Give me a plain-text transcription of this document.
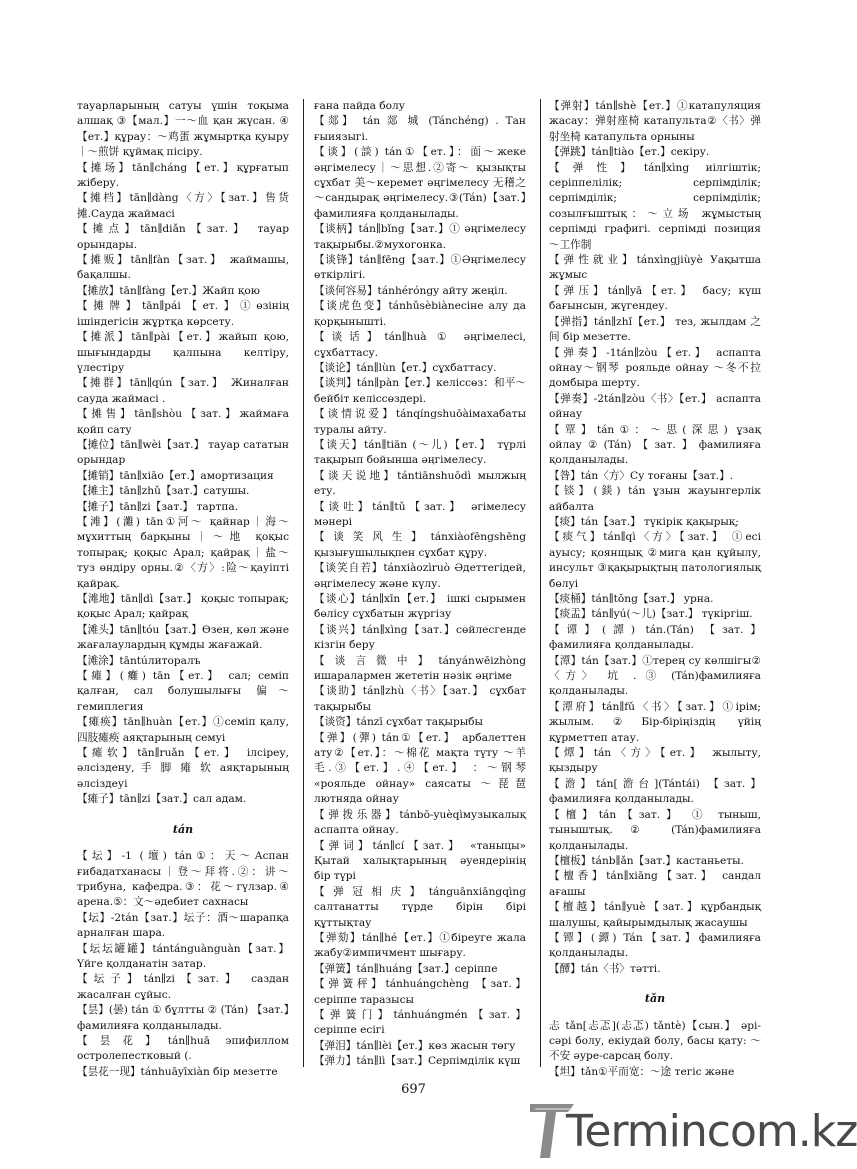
тауарларының сатуы үшін тоқыма алшақ ③【мал.】一～血 қан жүсан. ④【ет.】құрау：～鸡蛋 жұмыртқа қуыру｜～煎饼 құймақ пісіру.

【摊场】tān∥cháng【ет.】құрғатып жіберу.

【摊档】tān∥dàng〈方〉【зат.】售货摊.Сауда жаймасі

【摊点】tān∥diǎn【зат.】 тауар орындары.

【摊贩】tān∥fàn【зат.】 жаймашы, бақалшы.

【摊放】tān∥fàng【ет.】Жайп қою

【摊牌】tān∥pái【ет.】①өзінің ішіндегісін жұртқа көрсету.

【摊派】tān∥pài【ет.】жайып қою, шығындарды қалпына келтіру, үлестіру

【摊群】tān∥qún【зат.】 Жиналған сауда жаймасі .

【摊售】tān∥shòu【зат.】жаймаға қойп сату

【摊位】tān∥wèi【зат.】 тауар сататын орындар

【摊销】tān∥xiāo【ет.】амортизация

【摊主】tān∥zhǔ【зат.】сатушы.

【摊子】tān∥zi【зат.】 тартпа.

【滩】(灘) tān①河～ қайнар｜海～ мұхиттың барқыны｜～地 қоқыс топырақ; қоқыс Арал; қайрақ｜盐～туз өндіру орны.②〈方〉:险～қауіпті қайрақ.

【滩地】tān∥dì【зат.】 қоқыс топырақ; қоқыс Арал; қайрақ

【滩头】tān∥tóu【зат.】Өзен, көл және жағалаулардың құмды жағажай.

【滩涂】tāntúлиторалъ

【瘫】(癱) tān【ет.】 сал; семіп қалған, сал болушылығы 偏～ гемиплегия

【瘫痪】tān∥huàn【ет.】①семіп қалу, 四肢瘫痪 аяқтарының семуі

【瘫软】tān∥ruǎn【ет.】 ілсірeу, әлсіздену, 手 脚 瘫 软 аяқтарының әлсіздеуі

【瘫子】tān∥zi【зат.】сал адам.

tán

【坛】-1 (壇) tán①：天～Аспан ғибадатханасы｜登～拜将.②：讲～трибуна, кафедра.③：花～гүлзар.④ арена.⑤：文～әдебиет сахнасы

【坛】-2tán【зат.】坛子：酒～шарапқа арналған шара.

【坛坛罐罐】tántánguànguàn【зат.】 Үйге қолданатін затар.

【坛子】tán∥zi【зат.】 саздан жасалған сұйыс.

【昙】(曇) tán ① бұлтты ② (Tán) 【зат.】фамилияға қолданылады.

【昙花】tán∥huā эпифиллом остролепестковый (.

【昙花一现】tánhuāyīxiàn бір мезетте

ғана пайда болу

【郯】 tán 郯 城 (Tánchéng) . Тан ғыиязыгі.

【谈】(談) tán①【ет.】：面～жеке әңгімелесу｜～思想.②寄～ қызықты сұхбат 美～керемет әңгімелесу 无稽之～сандырақ әңгімелесу.③(Tán)【зат.】фамилияға қолданылады.

【谈柄】tán∥bǐng【зат.】① әңгімелесу тақырыбы.②мухогонка.

【谈锋】tán∥fēng【зат.】①Әңгімелесу өткірлігі.

【谈何容易】tánhéróngy айту жеңіл.

【谈虎色变】tánhǔsèbiànесіне алу да қорқыныштi.

【谈话】tán∥huà ① әңгімелесі, сұхбаттасу.

【谈论】tán∥lùn【ет.】сұхбаттасу.

【谈判】tán∥pàn【ет.】келіссөз：和平～бейбіт келіссөздері.

【谈情说爱】tánqíngshuōàiмахабаты туралы айту.

【谈天】tán∥tiān (～儿)【ет.】 түрлі тақырып бойынша әңгімелесу.

【谈天说地】tántiānshuōdì мылжың ету.

【谈吐】tán∥tǔ【зат.】 әгімелесу мәнері

【谈笑风生】tánxiàofēngshēng қызығушылықпен сұхбат құру.

【谈笑自若】tánxiàozìruò Әдеттегідей, әңгімелесу және күлу.

【谈心】tán∥xīn【ет.】 ішкі сырымен бөлісу сұхбатын жүргізу

【谈兴】tán∥xìng【зат.】сөйлесгенде кізгін беру

【谈言微中】tányánwēizhòng ишаралармен жететін нәзік әңгіме

【谈助】tán∥zhù〈书〉【зат.】 сұхбат тақырыбы

【谈资】tánzī сұхбат тақырыбы

【弹】(彈) tán①【ет.】 арбалеттен ату②【ет.】：～棉花 мақта түту ～羊毛.③【ет.】.④【ет.】 ：～钢琴 «рояльде ойнау» саясаты ～琵琶 лютняда ойнау

【弹拨乐器】tánbō-yuèqìмузыкалық аспапта ойнау.

【弹词】tán∥cí【зат.】 «таныцы» Қытай халықтарының әуендерінің бір түрі

【弹冠相庆】tánguānxiāngqìng салтанатты түрде бірін бірі құттықтау

【弹劾】tán∥hé【ет.】①біреуге жала жабу②импичмент шығару.

【弹簧】tán∥huáng【зат.】серіппе

【弹簧秤】tánhuángchèng 【зат.】 серіппе таразысы

【弹簧门】tánhuángmén【зат.】 серіппе есігі

【弹泪】tán∥lèi【ет.】көз жасын төгу

【弹力】tán∥lì【зат.】Серпімділік күш

【弹射】tán∥shè【ет.】①катапуляция жасау：弹射座椅 катапульта②〈书〉弹射坐椅 катапульта орныны

【弹跳】tán∥tiào【ет.】секіру.

【弹性】tán∥xìng иілгіштік; серіппелілік; серпімділік; серпімділік; серпімділік; созылғыштық：～立场 жұмыстың серпімді графигі. серпімді позиция ～工作制

【弹性就业】tánxìngjiùyè Уақытша жұмыс

【弹压】tán∥yā【ет.】 басу; күш бағынсын, жүгендеу.

【弹指】tán∥zhǐ【ет.】 тез, жылдам 之间 бір мезетте.

【弹奏】-1tán∥zòu【ет.】 аспапта ойнау～钢琴 рояльде ойнау ～冬不拉 домбыра шерту.

【弹奏】-2tán∥zòu〈书〉【ет.】 аспапта ойнау

【覃】tán①：～思(深思) ұзақ ойлау②(Tán)【зат.】фамилияға қолданылады.

【昝】tán〈方〉Су тоғаны【зат.】.

【锬】(錟) tán ұзын жауынгерлік айбалта

【痰】tán【зат.】 түкірік қақырық;

【痰气】tán∥qì〈方〉【зат.】 ①есі ауысу; қоянщық ②мига қан құйылу, инсульт ③қақырықтың патологиялық бөлуі

【痰桶】tán∥tǒng【зат.】 урна.

【痰盂】tán∥yú(～儿)【зат.】 түкіргіш.

【谭】(譚) tán.(Tán) 【зат.】 фамилияға қолданылады.

【潭】tán【зат.】①терең су көлшігы②〈方〉 坑 . ③ (Tán)фамилияға қолданылады.

【潭府】tán∥fǔ〈书〉【зат.】①ірім; жылым.②Бір-біріңіздің үйің құрметтеп атау.

【燂】tán〈方〉【ет.】 жылыту, қыздыру

【澹】tán[澹台](Tántái) 【зат.】 фамилияға қолданылады.

【檀】tán【зат.】 ① тыныш, тыныштық. ② (Tán)фамилияға қолданылады.

【檀板】tánb∥ǎn【зат.】кастаньеты.

【檀香】tán∥xiāng【зат.】 сандал ағашы

【檀越】tán∥yuè【зат.】құрбандық шалушы, қайырымдылық жасаушы

【镡】(鐔) Tán【зат.】фамилияға қолданылады.

【醰】tán〈书〉тәтті.

tǎn

忐 tǎn[忐忑](忐忑) tǎntè)【сын.】 әрі-сәрі болу, екіудай болу, басы қату: ～不安 әуре-сарсаң болу.

【坦】tǎn①平而宽：～途 тегіс және

697
Termincom.kz
